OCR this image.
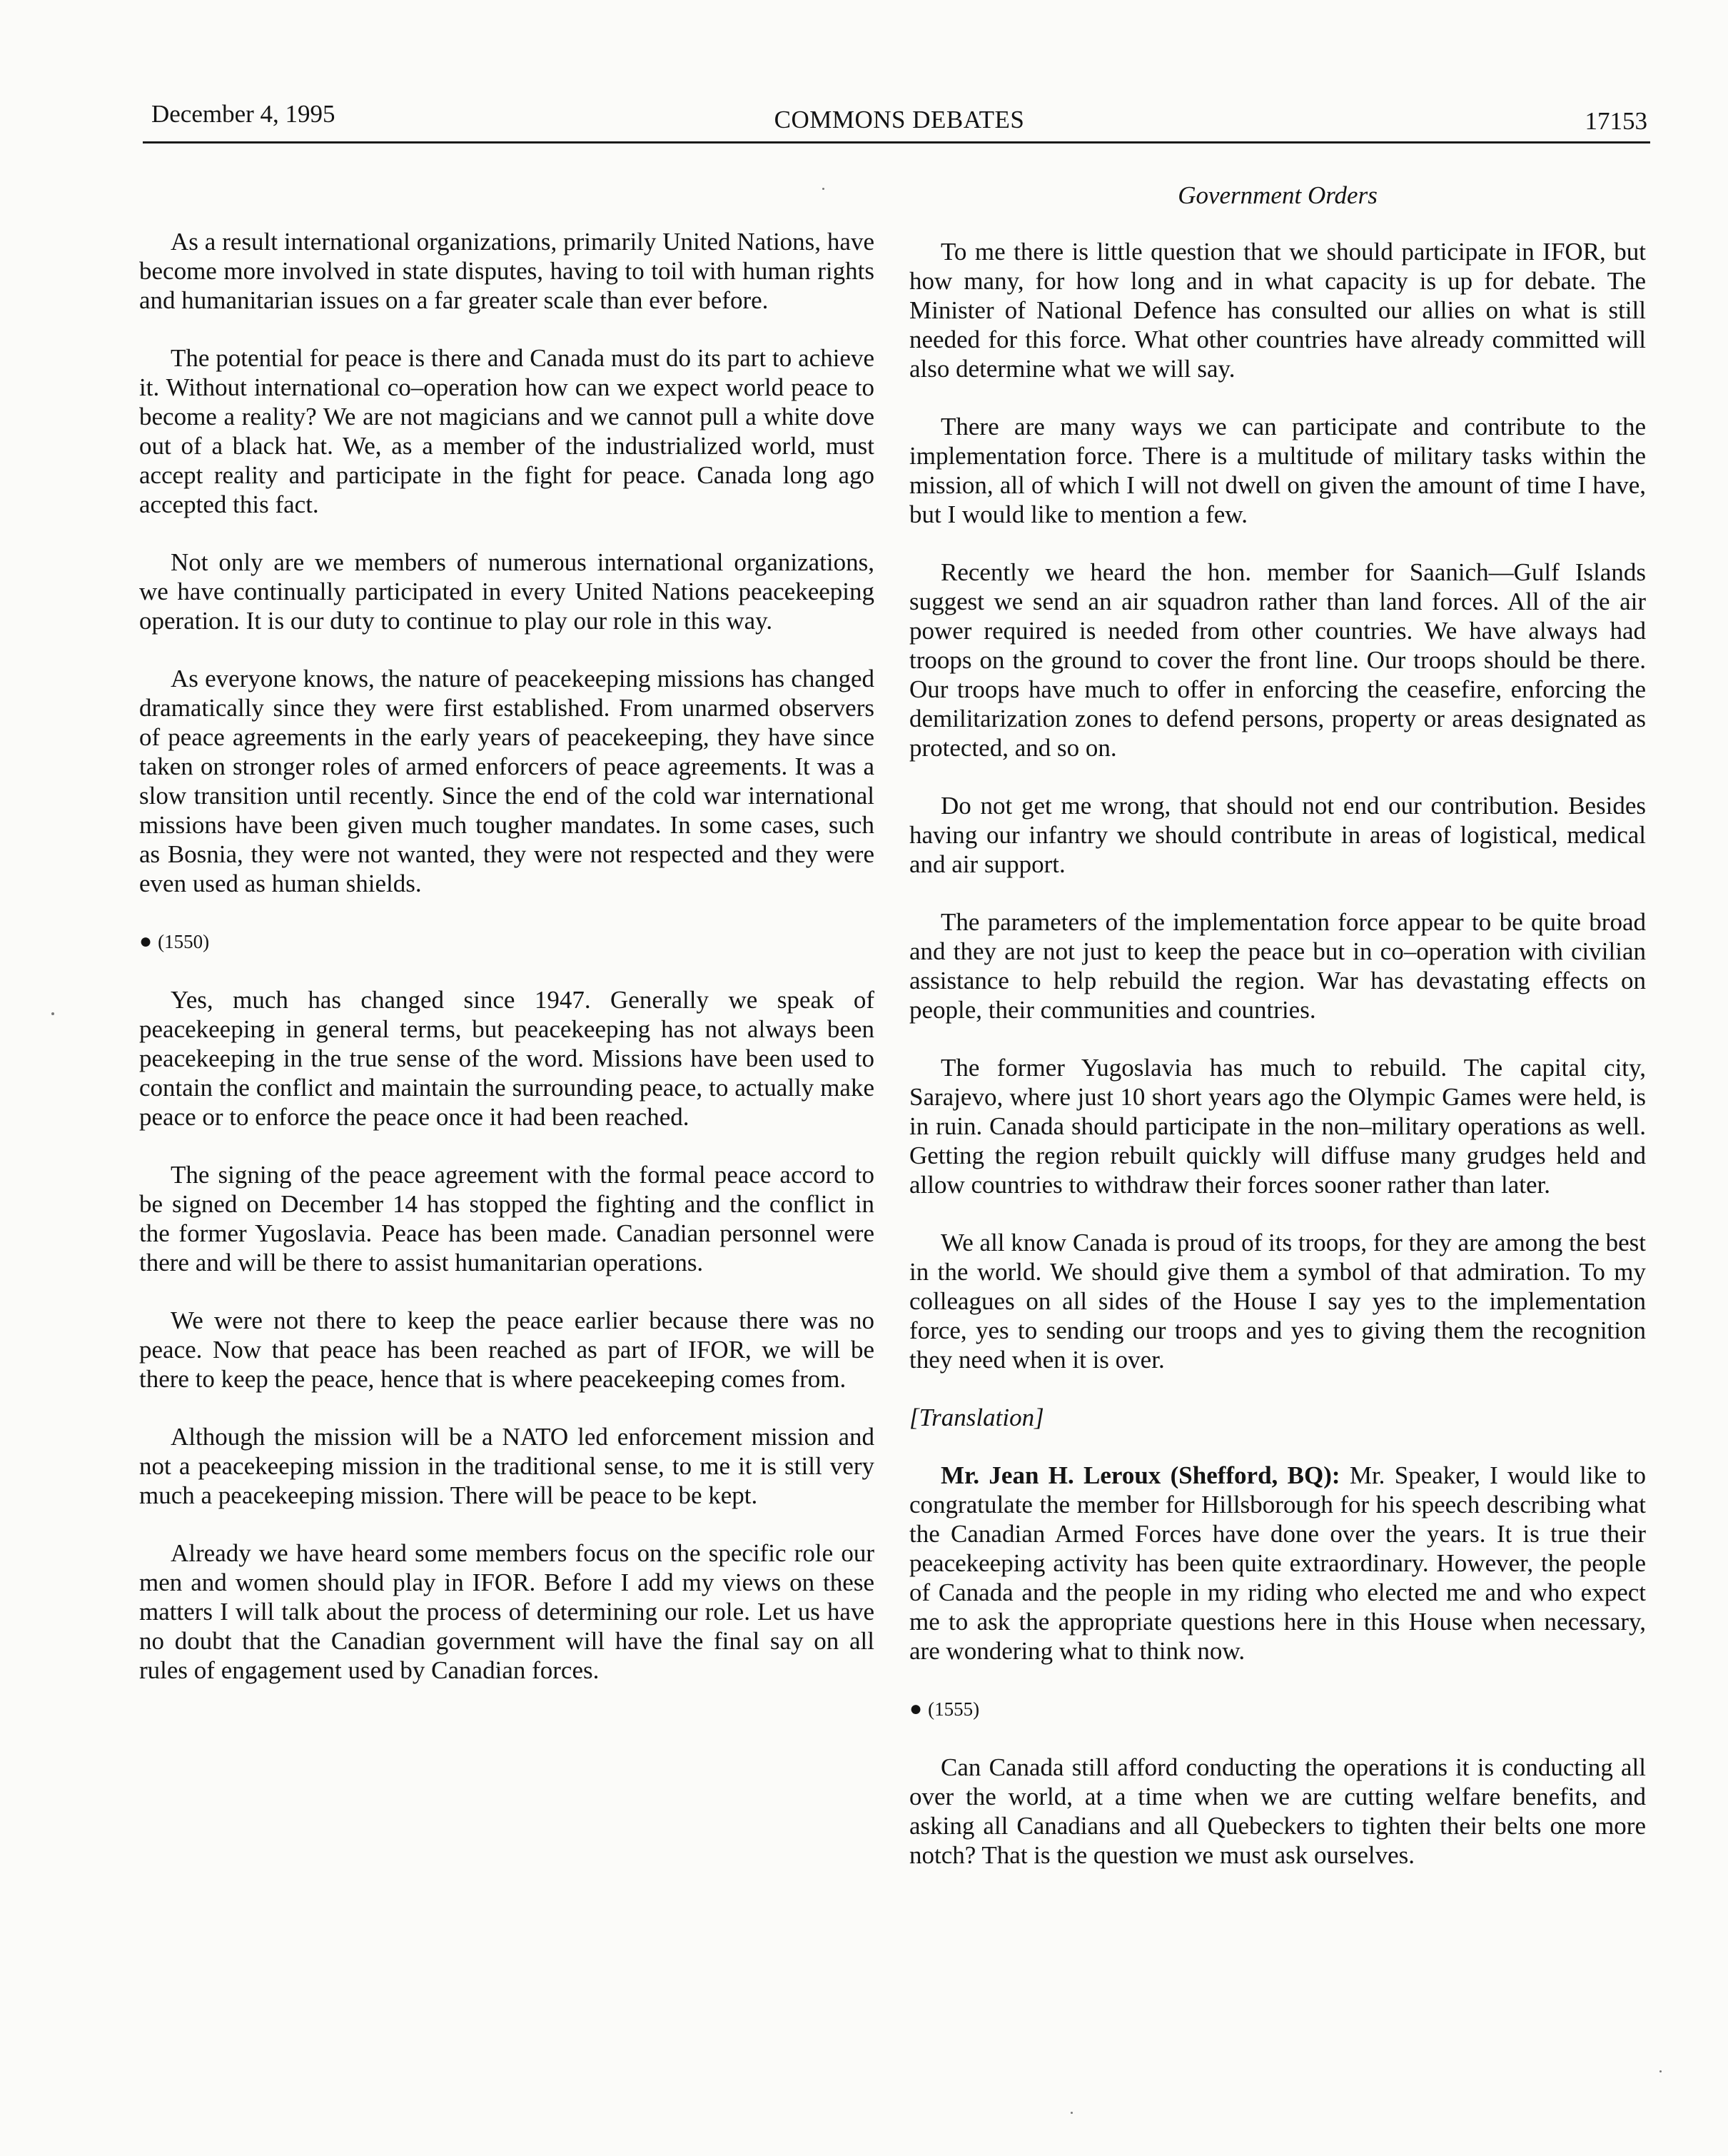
December 4, 1995	COMMONS DEBATES	17153
Government Orders

As a result international organizations, primarily United Nations, have become more involved in state disputes, having to toil with human rights and humanitarian issues on a far greater scale than ever before.

The potential for peace is there and Canada must do its part to achieve it. Without international co–operation how can we expect world peace to become a reality? We are not magicians and we cannot pull a white dove out of a black hat. We, as a member of the industrialized world, must accept reality and participate in the fight for peace. Canada long ago accepted this fact.

Not only are we members of numerous international organizations, we have continually participated in every United Nations peacekeeping operation. It is our duty to continue to play our role in this way.

As everyone knows, the nature of peacekeeping missions has changed dramatically since they were first established. From unarmed observers of peace agreements in the early years of peacekeeping, they have since taken on stronger roles of armed enforcers of peace agreements. It was a slow transition until recently. Since the end of the cold war international missions have been given much tougher mandates. In some cases, such as Bosnia, they were not wanted, they were not respected and they were even used as human shields.

● (1550)

Yes, much has changed since 1947. Generally we speak of peacekeeping in general terms, but peacekeeping has not always been peacekeeping in the true sense of the word. Missions have been used to contain the conflict and maintain the surrounding peace, to actually make peace or to enforce the peace once it had been reached.

The signing of the peace agreement with the formal peace accord to be signed on December 14 has stopped the fighting and the conflict in the former Yugoslavia. Peace has been made. Canadian personnel were there and will be there to assist humanitarian operations.

We were not there to keep the peace earlier because there was no peace. Now that peace has been reached as part of IFOR, we will be there to keep the peace, hence that is where peacekeeping comes from.

Although the mission will be a NATO led enforcement mission and not a peacekeeping mission in the traditional sense, to me it is still very much a peacekeeping mission. There will be peace to be kept.

Already we have heard some members focus on the specific role our men and women should play in IFOR. Before I add my views on these matters I will talk about the process of determining our role. Let us have no doubt that the Canadian government will have the final say on all rules of engagement used by Canadian forces.

To me there is little question that we should participate in IFOR, but how many, for how long and in what capacity is up for debate. The Minister of National Defence has consulted our allies on what is still needed for this force. What other countries have already committed will also determine what we will say.

There are many ways we can participate and contribute to the implementation force. There is a multitude of military tasks within the mission, all of which I will not dwell on given the amount of time I have, but I would like to mention a few.

Recently we heard the hon. member for Saanich—Gulf Islands suggest we send an air squadron rather than land forces. All of the air power required is needed from other countries. We have always had troops on the ground to cover the front line. Our troops should be there. Our troops have much to offer in enforcing the ceasefire, enforcing the demilitarization zones to defend persons, property or areas designated as protected, and so on.

Do not get me wrong, that should not end our contribution. Besides having our infantry we should contribute in areas of logistical, medical and air support.

The parameters of the implementation force appear to be quite broad and they are not just to keep the peace but in co–operation with civilian assistance to help rebuild the region. War has devastating effects on people, their communities and countries.

The former Yugoslavia has much to rebuild. The capital city, Sarajevo, where just 10 short years ago the Olympic Games were held, is in ruin. Canada should participate in the non–military operations as well. Getting the region rebuilt quickly will diffuse many grudges held and allow countries to withdraw their forces sooner rather than later.

We all know Canada is proud of its troops, for they are among the best in the world. We should give them a symbol of that admiration. To my colleagues on all sides of the House I say yes to the implementation force, yes to sending our troops and yes to giving them the recognition they need when it is over.

[Translation]

Mr. Jean H. Leroux (Shefford, BQ): Mr. Speaker, I would like to congratulate the member for Hillsborough for his speech describing what the Canadian Armed Forces have done over the years. It is true their peacekeeping activity has been quite extraordinary. However, the people of Canada and the people in my riding who elected me and who expect me to ask the appropriate questions here in this House when necessary, are wondering what to think now.

● (1555)

Can Canada still afford conducting the operations it is conducting all over the world, at a time when we are cutting welfare benefits, and asking all Canadians and all Quebeckers to tighten their belts one more notch? That is the question we must ask ourselves.
